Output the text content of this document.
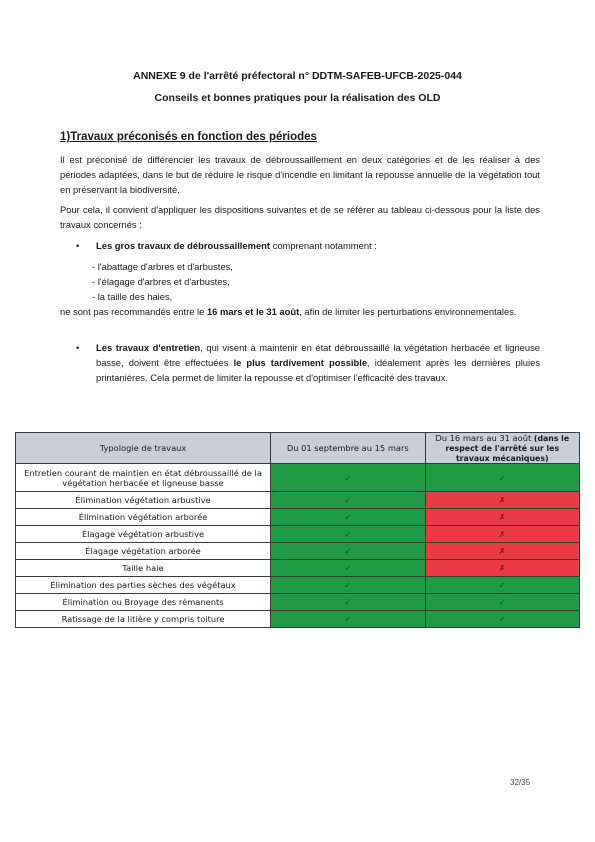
ANNEXE 9 de l'arrêté préfectoral n° DDTM-SAFEB-UFCB-2025-044
Conseils et bonnes pratiques pour la réalisation des OLD
1)Travaux préconisés en fonction des périodes
Il est préconisé de différencier les travaux de débroussaillement en deux catégories et de les réaliser à des périodes adaptées, dans le but de réduire le risque d'incendie en limitant la repousse annuelle de la végétation tout en préservant la biodiversité.
Pour cela, il convient d'appliquer les dispositions suivantes et de se référer au tableau ci-dessous pour la liste des travaux concernés :
• Les gros travaux de débroussaillement comprenant notamment :
- l'abattage d'arbres et d'arbustes,
- l'élagage d'arbres et d'arbustes,
- la taille des haies,
ne sont pas recommandés entre le 16 mars et le 31 août, afin de limiter les perturbations environnementales.
• Les travaux d'entretien, qui visent à maintenir en état débroussaillé la végétation herbacée et ligneuse basse, doivent être effectuées le plus tardivement possible, idéalement après les dernières pluies printanières. Cela permet de limiter la repousse et d'optimiser l'efficacité des travaux.
Typologie de travaux	Du 01 septembre au 15 mars	Du 16 mars au 31 août (dans le respect de l'arrêté sur les travaux mécaniques)
Entretien courant de maintien en état débroussaillé de la végétation herbacée et ligneuse basse	✓	✓
Élimination végétation arbustive	✓	✗
Élimination végétation arborée	✓	✗
Élagage végétation arbustive	✓	✗
Élagage végétation arborée	✓	✗
Taille haie	✓	✗
Élimination des parties sèches des végétaux	✓	✓
Élimination ou Broyage des rémanents	✓	✓
Ratissage de la litière y compris toiture	✓	✓
32/35
